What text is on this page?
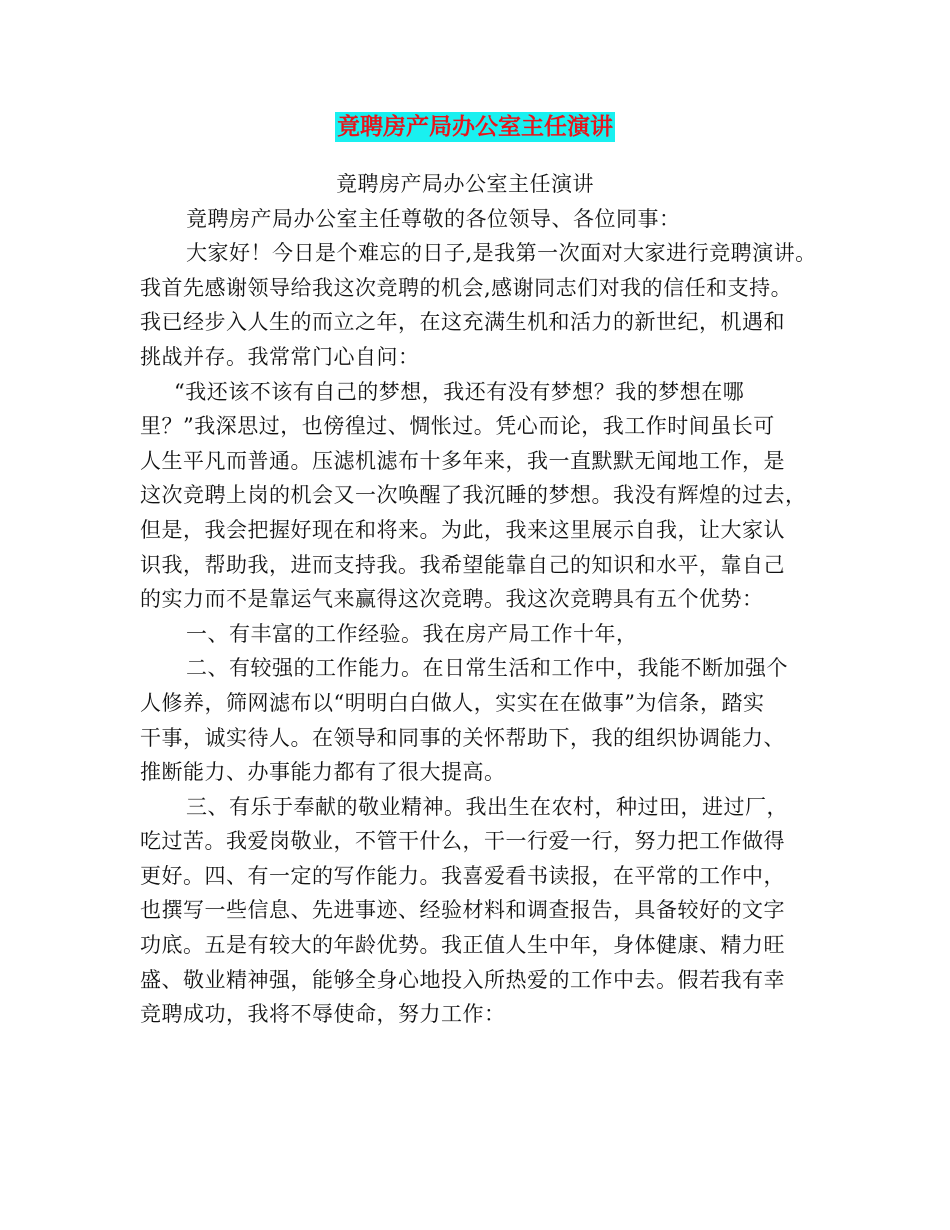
竟聘房产局办公室主任演讲
竟聘房产局办公室主任演讲
竟聘房产局办公室主任尊敬的各位领导、各位同事：
大家好！今日是个难忘的日子,是我第一次面对大家进行竞聘演讲。
我首先感谢领导给我这次竞聘的机会,感谢同志们对我的信任和支持。
我已经步入人生的而立之年，在这充满生机和活力的新世纪，机遇和
挑战并存。我常常门心自问：
“我还该不该有自己的梦想，我还有没有梦想？我的梦想在哪
里？”我深思过，也傍徨过、惆怅过。凭心而论，我工作时间虽长可
人生平凡而普通。压滤机滤布十多年来，我一直默默无闻地工作，是
这次竞聘上岗的机会又一次唤醒了我沉睡的梦想。我没有辉煌的过去，
但是，我会把握好现在和将来。为此，我来这里展示自我，让大家认
识我，帮助我，进而支持我。我希望能靠自己的知识和水平，靠自己
的实力而不是靠运气来赢得这次竞聘。我这次竞聘具有五个优势：
一、有丰富的工作经验。我在房产局工作十年，
二、有较强的工作能力。在日常生活和工作中，我能不断加强个
人修养，筛网滤布以“明明白白做人，实实在在做事”为信条，踏实
干事，诚实待人。在领导和同事的关怀帮助下，我的组织协调能力、
推断能力、办事能力都有了很大提高。
三、有乐于奉献的敬业精神。我出生在农村，种过田，进过厂，
吃过苦。我爱岗敬业，不管干什么，干一行爱一行，努力把工作做得
更好。四、有一定的写作能力。我喜爱看书读报，在平常的工作中，
也撰写一些信息、先进事迹、经验材料和调查报告，具备较好的文字
功底。五是有较大的年龄优势。我正值人生中年，身体健康、精力旺
盛、敬业精神强，能够全身心地投入所热爱的工作中去。假若我有幸
竞聘成功，我将不辱使命，努力工作：
